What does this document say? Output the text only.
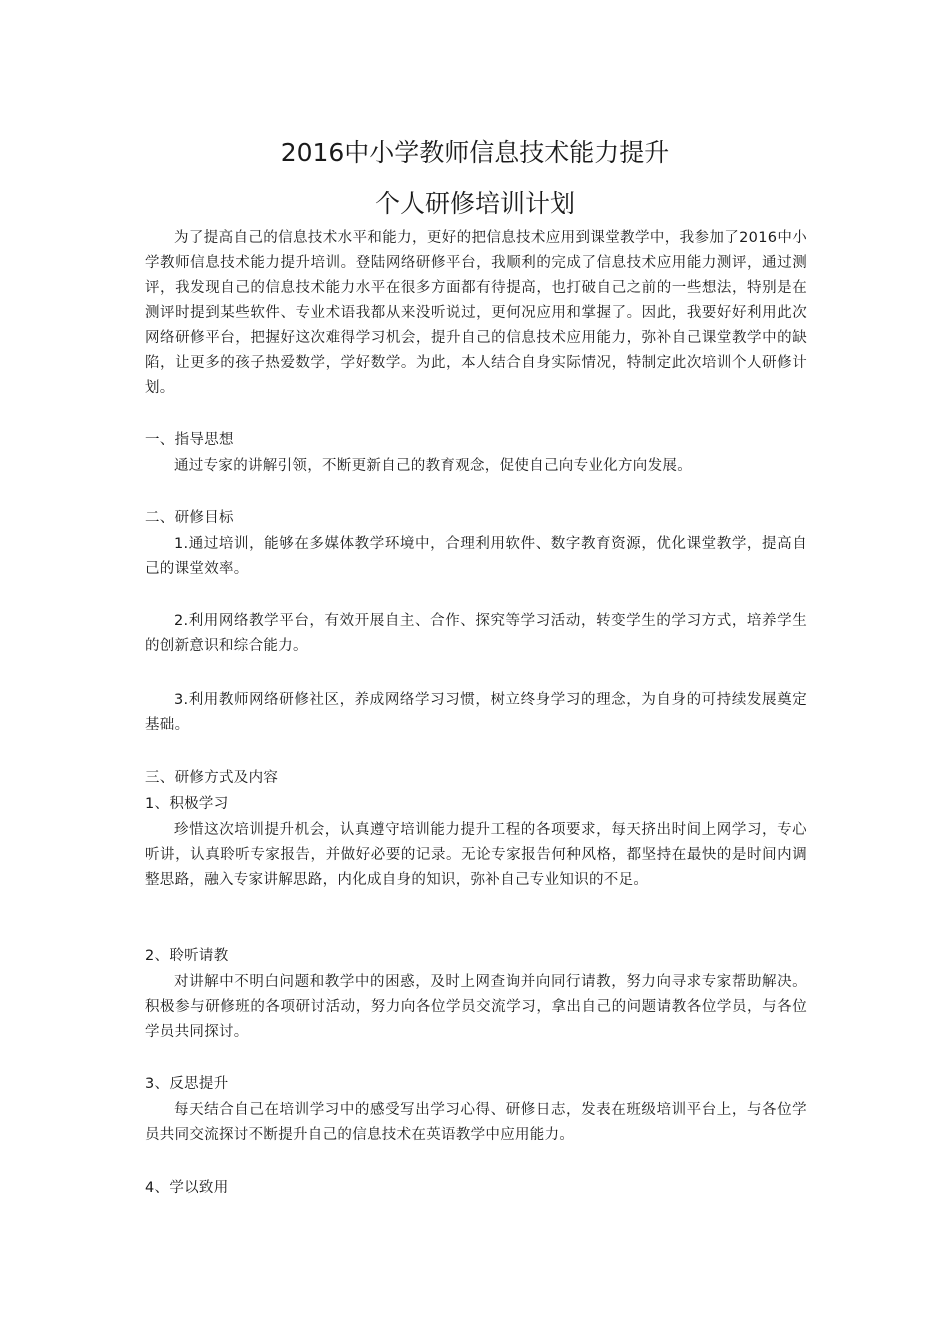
2016中小学教师信息技术能力提升
个人研修培训计划
为了提高自己的信息技术水平和能力，更好的把信息技术应用到课堂教学中，我参加了2016中小学教师信息技术能力提升培训。登陆网络研修平台，我顺利的完成了信息技术应用能力测评，通过测评，我发现自己的信息技术能力水平在很多方面都有待提高，也打破自己之前的一些想法，特别是在测评时提到某些软件、专业术语我都从来没听说过，更何况应用和掌握了。因此，我要好好利用此次网络研修平台，把握好这次难得学习机会，提升自己的信息技术应用能力，弥补自己课堂教学中的缺陷，让更多的孩子热爱数学，学好数学。为此，本人结合自身实际情况，特制定此次培训个人研修计划。
一、指导思想
通过专家的讲解引领，不断更新自己的教育观念，促使自己向专业化方向发展。
二、研修目标
1.通过培训，能够在多媒体教学环境中，合理利用软件、数字教育资源，优化课堂教学，提高自己的课堂效率。
2.利用网络教学平台，有效开展自主、合作、探究等学习活动，转变学生的学习方式，培养学生的创新意识和综合能力。
3.利用教师网络研修社区，养成网络学习习惯，树立终身学习的理念，为自身的可持续发展奠定基础。
三、研修方式及内容
1、积极学习
珍惜这次培训提升机会，认真遵守培训能力提升工程的各项要求，每天挤出时间上网学习，专心听讲，认真聆听专家报告，并做好必要的记录。无论专家报告何种风格，都坚持在最快的是时间内调整思路，融入专家讲解思路，内化成自身的知识，弥补自己专业知识的不足。
2、聆听请教
对讲解中不明白问题和教学中的困惑，及时上网查询并向同行请教，努力向寻求专家帮助解决。积极参与研修班的各项研讨活动，努力向各位学员交流学习，拿出自己的问题请教各位学员，与各位学员共同探讨。
3、反思提升
每天结合自己在培训学习中的感受写出学习心得、研修日志，发表在班级培训平台上，与各位学员共同交流探讨不断提升自己的信息技术在英语教学中应用能力。
4、学以致用
